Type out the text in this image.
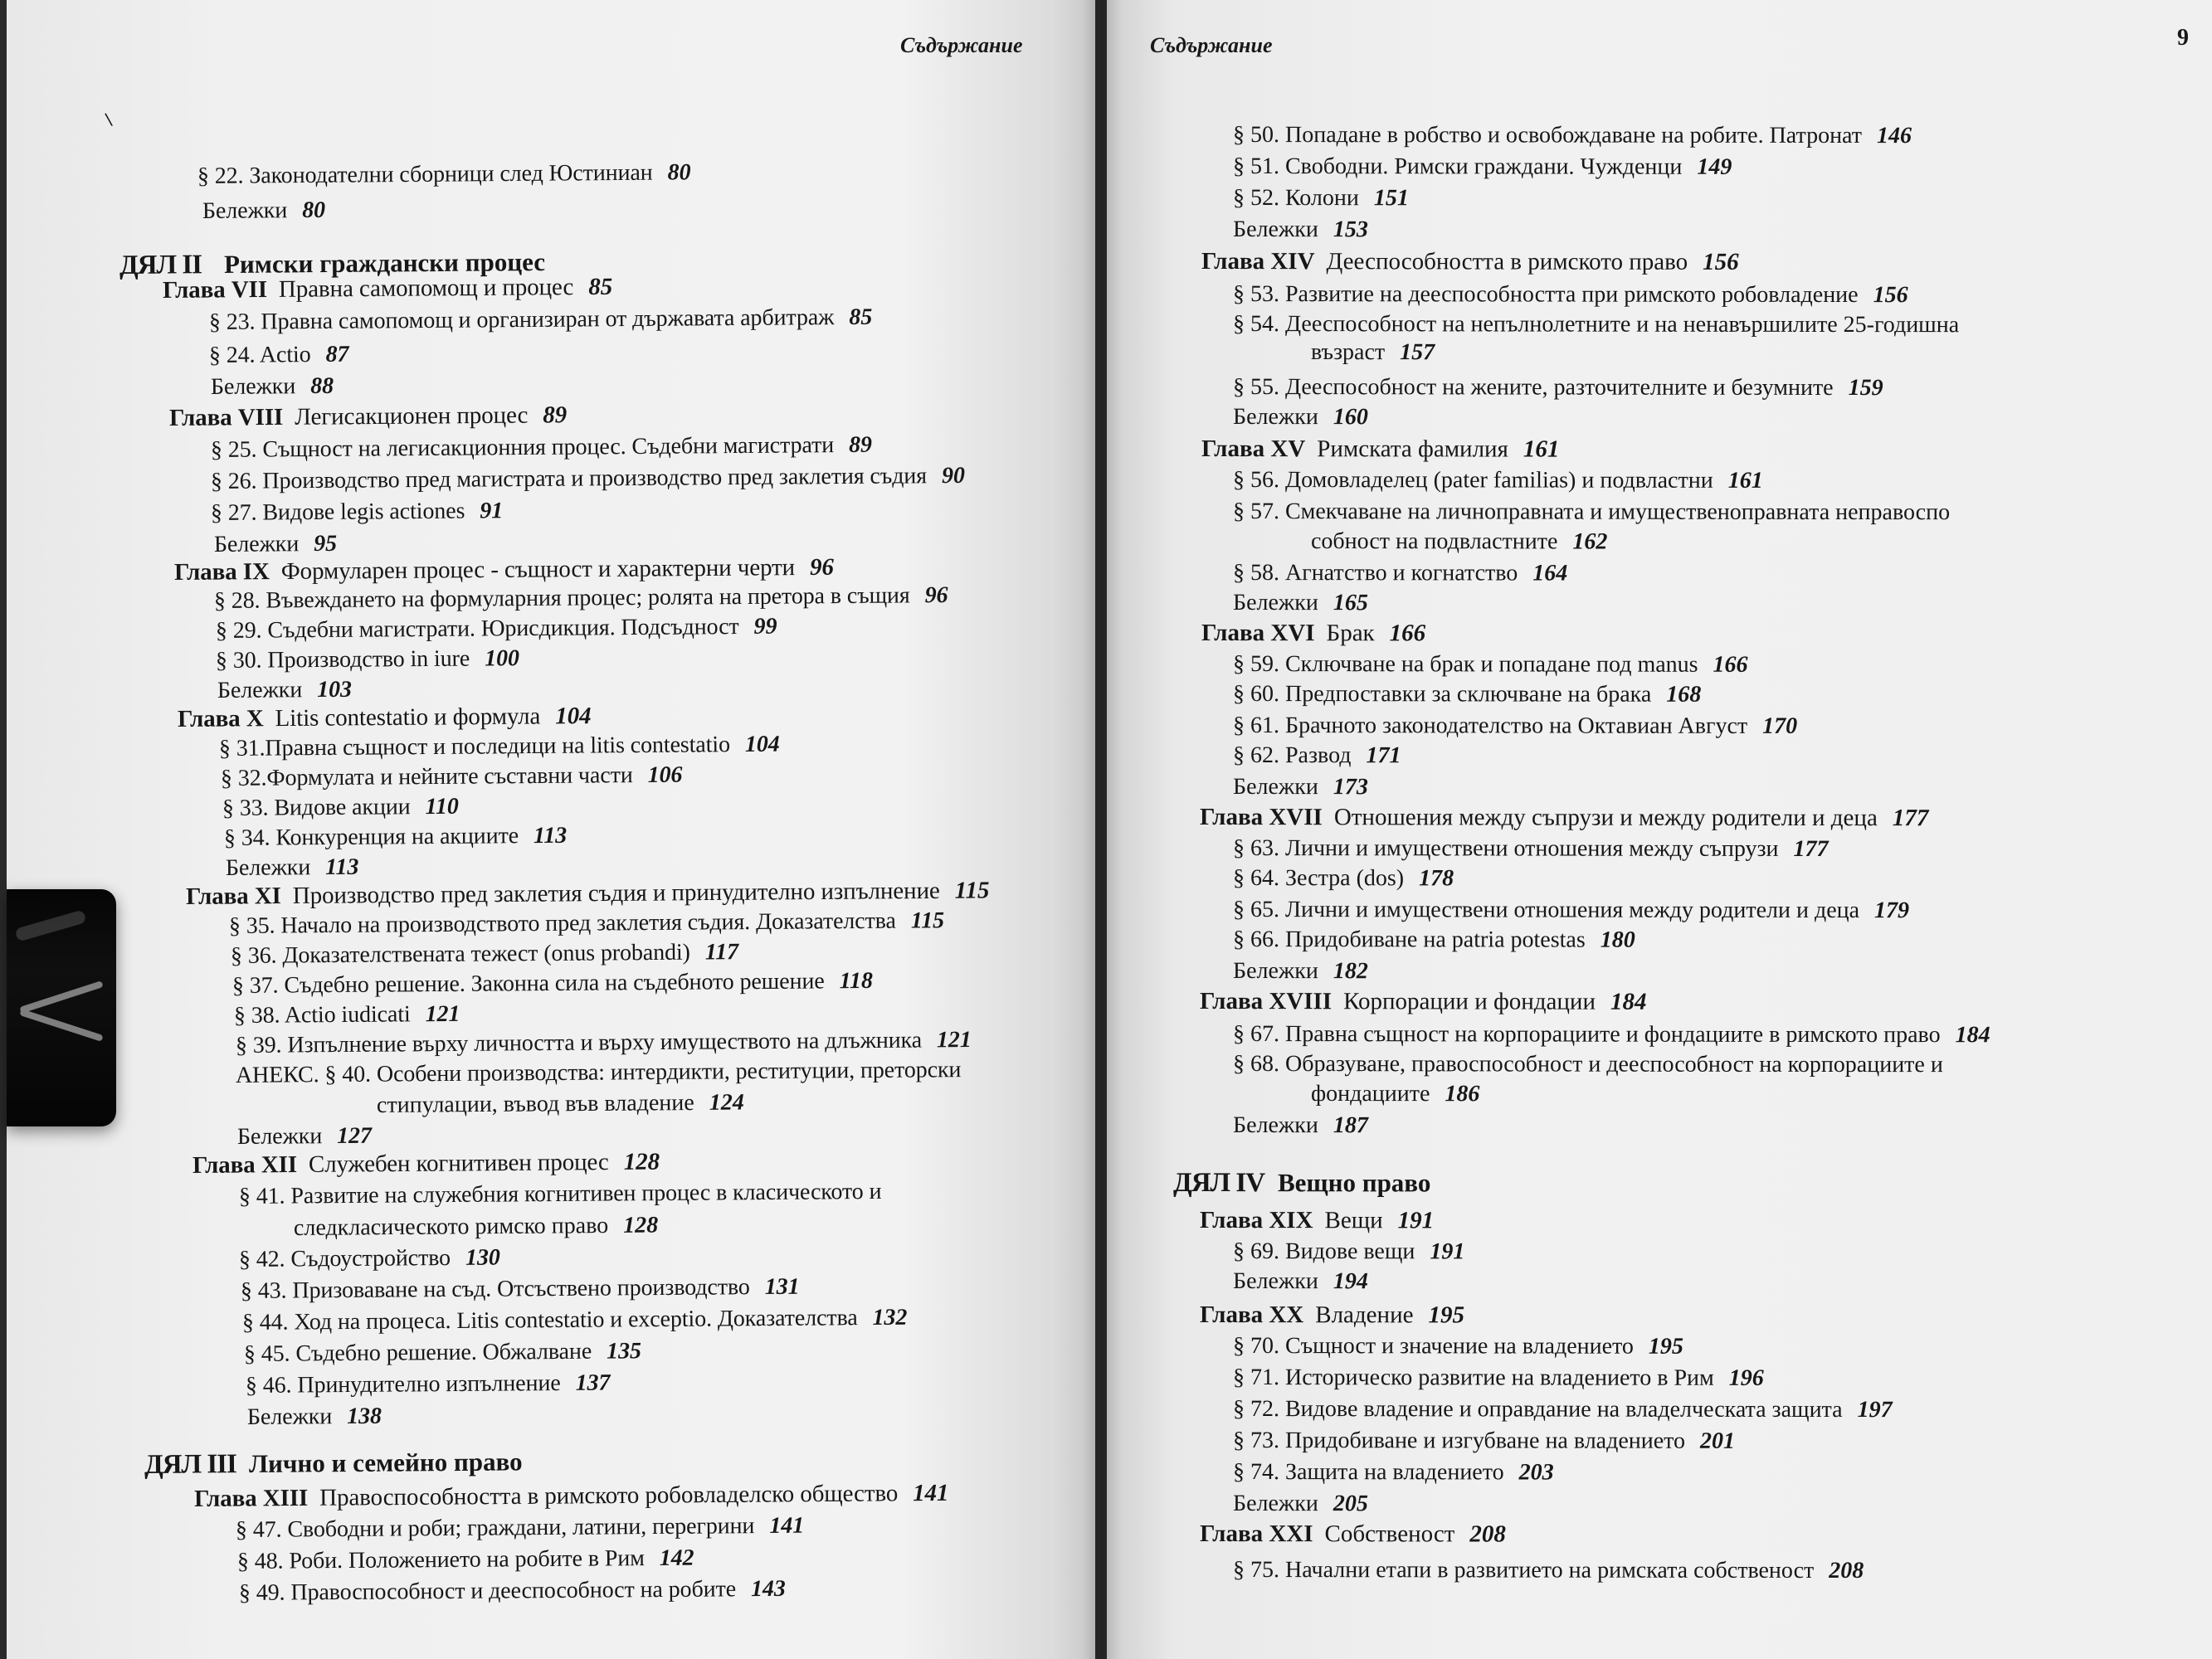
Съдържание
\
§ 22. Законодателни сборници след Юстиниан 80
Бележки 80
ДЯЛ II Римски граждански процес
Глава VII Правна самопомощ и процес 85
§ 23. Правна самопомощ и организиран от държавата арбитраж 85
§ 24. Actio 87
Бележки 88
Глава VIII Легисакционен процес 89
§ 25. Същност на легисакционния процес. Съдебни магистрати 89
§ 26. Производство пред магистрата и производство пред заклетия съдия 90
§ 27. Видове legis actiones 91
Бележки 95
Глава IX Формуларен процес - същност и характерни черти 96
§ 28. Въвеждането на формуларния процес; ролята на претора в същия 96
§ 29. Съдебни магистрати. Юрисдикция. Подсъдност 99
§ 30. Производство in iure 100
Бележки 103
Глава X Litis contestatio и формула 104
§ 31.Правна същност и последици на litis contestatio 104
§ 32.Формулата и нейните съставни части 106
§ 33. Видове акции 110
§ 34. Конкуренция на акциите 113
Бележки 113
Глава XI Производство пред заклетия съдия и принудително изпълнение 115
§ 35. Начало на производството пред заклетия съдия. Доказателства 115
§ 36. Доказателствената тежест (onus probandi) 117
§ 37. Съдебно решение. Законна сила на съдебното решение 118
§ 38. Actio iudicati 121
§ 39. Изпълнение върху личността и върху имуществото на длъжника 121
АНЕКС. § 40. Особени производства: интердикти, реституции, преторски
стипулации, въвод във владение 124
Бележки 127
Глава XII Служебен когнитивен процес 128
§ 41. Развитие на служебния когнитивен процес в класическото и
следкласическото римско право 128
§ 42. Съдоустройство 130
§ 43. Призоваване на съд. Отсъствено производство 131
§ 44. Ход на процеса. Litis contestatio и exceptio. Доказателства 132
§ 45. Съдебно решение. Обжалване 135
§ 46. Принудително изпълнение 137
Бележки 138
ДЯЛ III Лично и семейно право
Глава XIII Правоспособността в римското робовладелско общество 141
§ 47. Свободни и роби; граждани, латини, перегрини 141
§ 48. Роби. Положението на робите в Рим 142
§ 49. Правоспособност и дееспособност на робите 143
Съдържание	9
§ 50. Попадане в робство и освобождаване на робите. Патронат 146
§ 51. Свободни. Римски граждани. Чужденци 149
§ 52. Колони 151
Бележки 153
Глава XIV Дееспособността в римското право 156
§ 53. Развитие на дееспособността при римското робовладение 156
§ 54. Дееспособност на непълнолетните и на ненавършилите 25-годишна
възраст 157
§ 55. Дееспособност на жените, разточителните и безумните 159
Бележки 160
Глава XV Римската фамилия 161
§ 56. Домовладелец (pater familias) и подвластни 161
§ 57. Смекчаване на личноправната и имущественоправната неправоспо
собност на подвластните 162
§ 58. Агнатство и когнатство 164
Бележки 165
Глава XVI Брак 166
§ 59. Сключване на брак и попадане под manus 166
§ 60. Предпоставки за сключване на брака 168
§ 61. Брачното законодателство на Октавиан Август 170
§ 62. Развод 171
Бележки 173
Глава XVII Отношения между съпрузи и между родители и деца 177
§ 63. Лични и имуществени отношения между съпрузи 177
§ 64. Зестра (dos) 178
§ 65. Лични и имуществени отношения между родители и деца 179
§ 66. Придобиване на patria potestas 180
Бележки 182
Глава XVIII Корпорации и фондации 184
§ 67. Правна същност на корпорациите и фондациите в римското право 184
§ 68. Образуване, правоспособност и дееспособност на корпорациите и
фондациите 186
Бележки 187
ДЯЛ IV Вещно право
Глава XIX Вещи 191
§ 69. Видове вещи 191
Бележки 194
Глава XX Владение 195
§ 70. Същност и значение на владението 195
§ 71. Историческо развитие на владението в Рим 196
§ 72. Видове владение и оправдание на владелческата защита 197
§ 73. Придобиване и изгубване на владението 201
§ 74. Защита на владението 203
Бележки 205
Глава XXI Собственост 208
§ 75. Начални етапи в развитието на римската собственост 208
